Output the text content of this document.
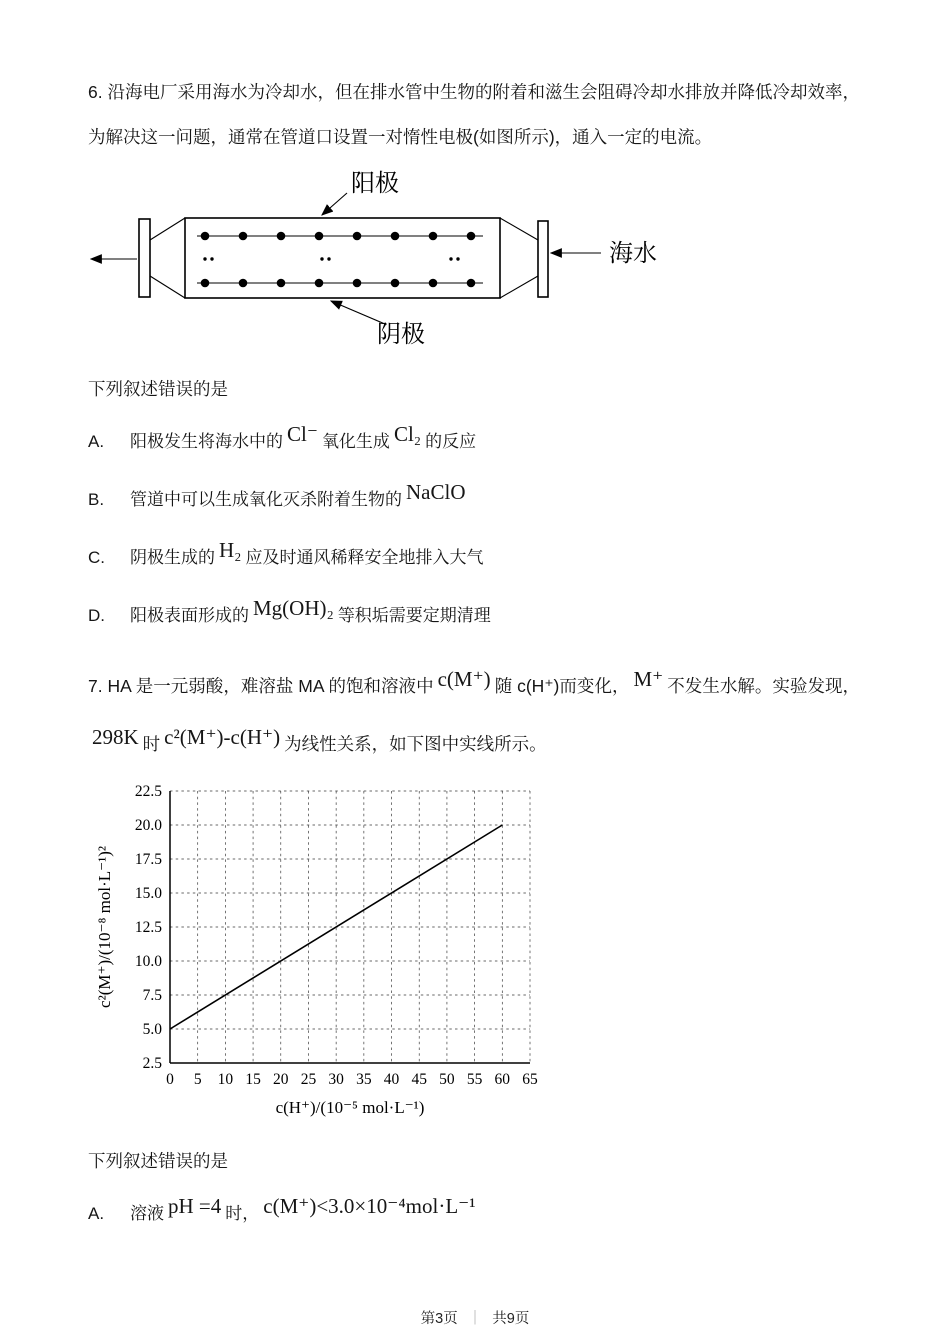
6. 沿海电厂采用海水为冷却水，但在排水管中生物的附着和滋生会阻碍冷却水排放并降低冷却效率，为解决这一问题，通常在管道口设置一对惰性电极(如图所示)，通入一定的电流。

阳极
海水
阴极

下列叙述错误的是

A. 阳极发生将海水中的 Cl⁻ 氧化生成 Cl₂ 的反应
B. 管道中可以生成氧化灭杀附着生物的 NaClO
C. 阴极生成的 H₂ 应及时通风稀释安全地排入大气
D. 阳极表面形成的 Mg(OH)₂ 等积垢需要定期清理

7. HA 是一元弱酸，难溶盐 MA 的饱和溶液中 c(M⁺) 随 c(H⁺)而变化， M⁺ 不发生水解。实验发现，298K 时 c²(M⁺)-c(H⁺) 为线性关系，如下图中实线所示。

0 5 10 15 20 25 30 35 40 45 50 55 60 65
2.5
5.0
7.5
10.0
12.5
15.0
17.5
20.0
22.5
c(H⁺)/(10⁻⁵ mol·L⁻¹)
c²(M⁺)/(10⁻⁸ mol·L⁻¹)²

下列叙述错误的是

A. 溶液 pH =4 时， c(M⁺)<3.0×10⁻⁴mol·L⁻¹
第3页 ｜ 共9页
